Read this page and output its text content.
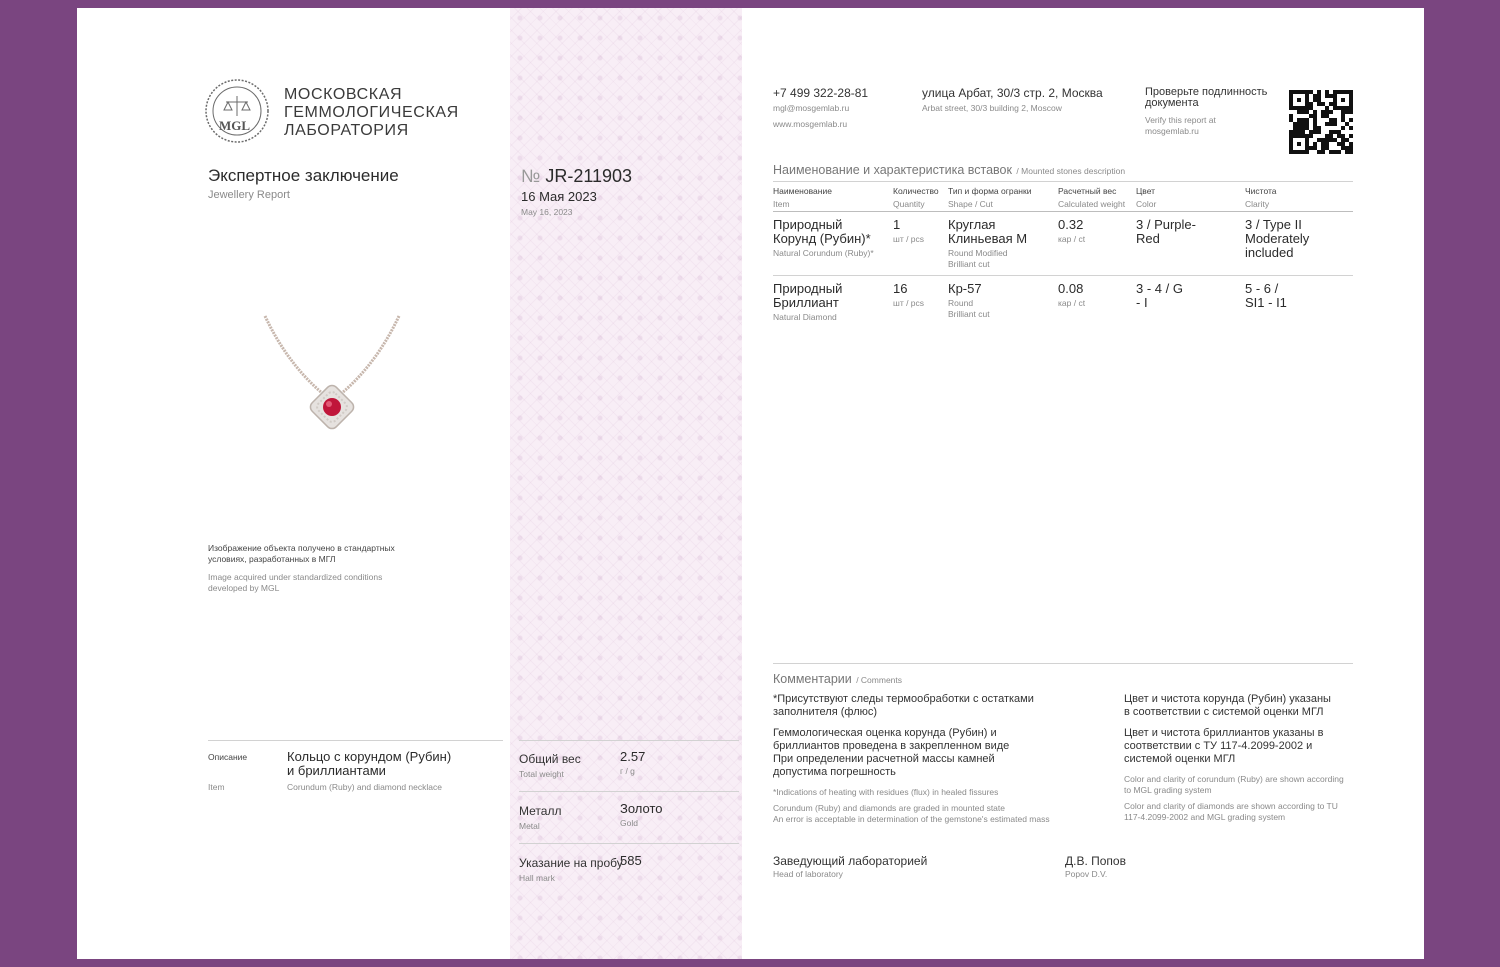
MGL
МОСКОВСКАЯ
ГЕММОЛОГИЧЕСКАЯ
ЛАБОРАТОРИЯ
Экспертное заключение
Jewellery Report
№ JR-211903
16 Мая 2023
May 16, 2023
Изображение объекта получено в стандартных условиях, разработанных в МГЛ
Image acquired under standardized conditions developed by MGL
+7 499 322-28-81
mgl@mosgemlab.ru
www.mosgemlab.ru
улица Арбат, 30/3 стр. 2, Москва
Arbat street, 30/3 building 2, Moscow
Проверьте подлинность документа
Verify this report at mosgemlab.ru
Наименование и характеристика вставок / Mounted stones description
Наименование
Item
Количество
Quantity
Тип и форма огранки
Shape / Cut
Расчетный вес
Calculated weight
Цвет
Color
Чистота
Clarity
Природный Корунд (Рубин)*
Natural Corundum (Ruby)*
1
шт / pcs
Круглая Клиньевая М
Round Modified Brilliant cut
0.32
кар / ct
3 / Purple-Red
3 / Type II Moderately included
Природный Бриллиант
Natural Diamond
16
шт / pcs
Кр-57
Round Brilliant cut
0.08
кар / ct
3 - 4 / G - I
5 - 6 / SI1 - I1
Комментарии / Comments
*Присутствуют следы термообработки с остатками заполнителя (флюс)
Геммологическая оценка корунда (Рубин) и бриллиантов проведена в закрепленном виде При определении расчетной массы камней допустима погрешность
*Indications of heating with residues (flux) in healed fissures
Corundum (Ruby) and diamonds are graded in mounted state
An error is acceptable in determination of the gemstone's estimated mass
Цвет и чистота корунда (Рубин) указаны в соответствии с системой оценки МГЛ
Цвет и чистота бриллиантов указаны в соответствии с ТУ 117-4.2099-2002 и системой оценки МГЛ
Color and clarity of corundum (Ruby) are shown according to MGL grading system
Color and clarity of diamonds are shown according to TU 117-4.2099-2002 and MGL grading system
Заведующий лабораторией
Head of laboratory
Д.В. Попов
Popov D.V.
Описание
Item
Кольцо с корундом (Рубин) и бриллиантами
Corundum (Ruby) and diamond necklace
Общий вес
Total weight
2.57
г / g
Металл
Metal
Золото
Gold
Указание на пробу
Hall mark
585
